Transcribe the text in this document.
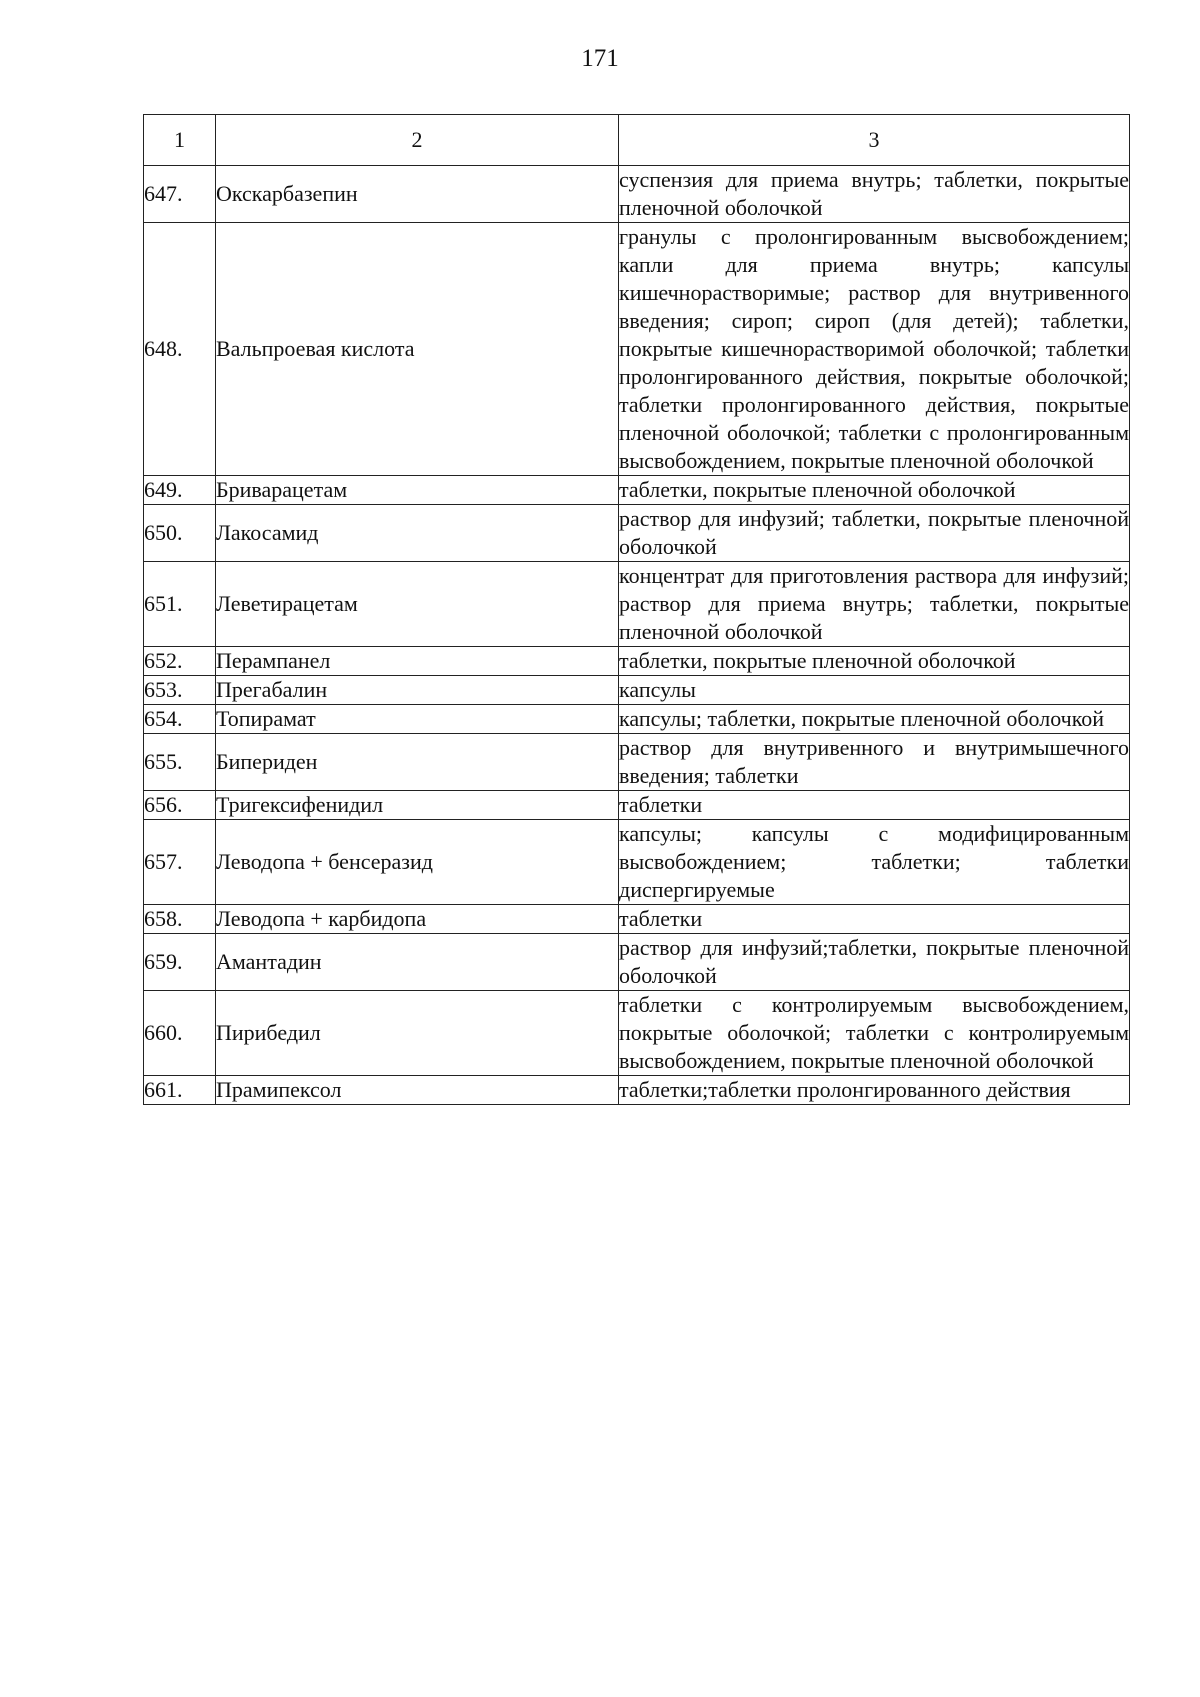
171
1	2	3
647.	Окскарбазепин	суспензия для приема внутрь; таблетки, покрытые пленочной оболочкой
648.	Вальпроевая кислота	гранулы с пролонгированным высвобождением; капли для приема внутрь; капсулы кишечнорастворимые; раствор для внутривенного введения; сироп; сироп (для детей); таблетки, покрытые кишечнорастворимой оболочкой; таблетки пролонгированного действия, покрытые оболочкой; таблетки пролонгированного действия, покрытые пленочной оболочкой; таблетки с пролонгированным высвобождением, покрытые пленочной оболочкой
649.	Бриварацетам	таблетки, покрытые пленочной оболочкой
650.	Лакосамид	раствор для инфузий; таблетки, покрытые пленочной оболочкой
651.	Леветирацетам	концентрат для приготовления раствора для инфузий; раствор для приема внутрь; таблетки, покрытые пленочной оболочкой
652.	Перампанел	таблетки, покрытые пленочной оболочкой
653.	Прегабалин	капсулы
654.	Топирамат	капсулы; таблетки, покрытые пленочной оболочкой
655.	Бипериден	раствор для внутривенного и внутримышечного введения; таблетки
656.	Тригексифенидил	таблетки
657.	Леводопа + бенсеразид	капсулы; капсулы с модифицированным высвобождением; таблетки; таблетки диспергируемые
658.	Леводопа + карбидопа	таблетки
659.	Амантадин	раствор для инфузий;таблетки, покрытые пленочной оболочкой
660.	Пирибедил	таблетки с контролируемым высвобождением, покрытые оболочкой; таблетки с контролируемым высвобождением, покрытые пленочной оболочкой
661.	Прамипексол	таблетки;таблетки пролонгированного действия
